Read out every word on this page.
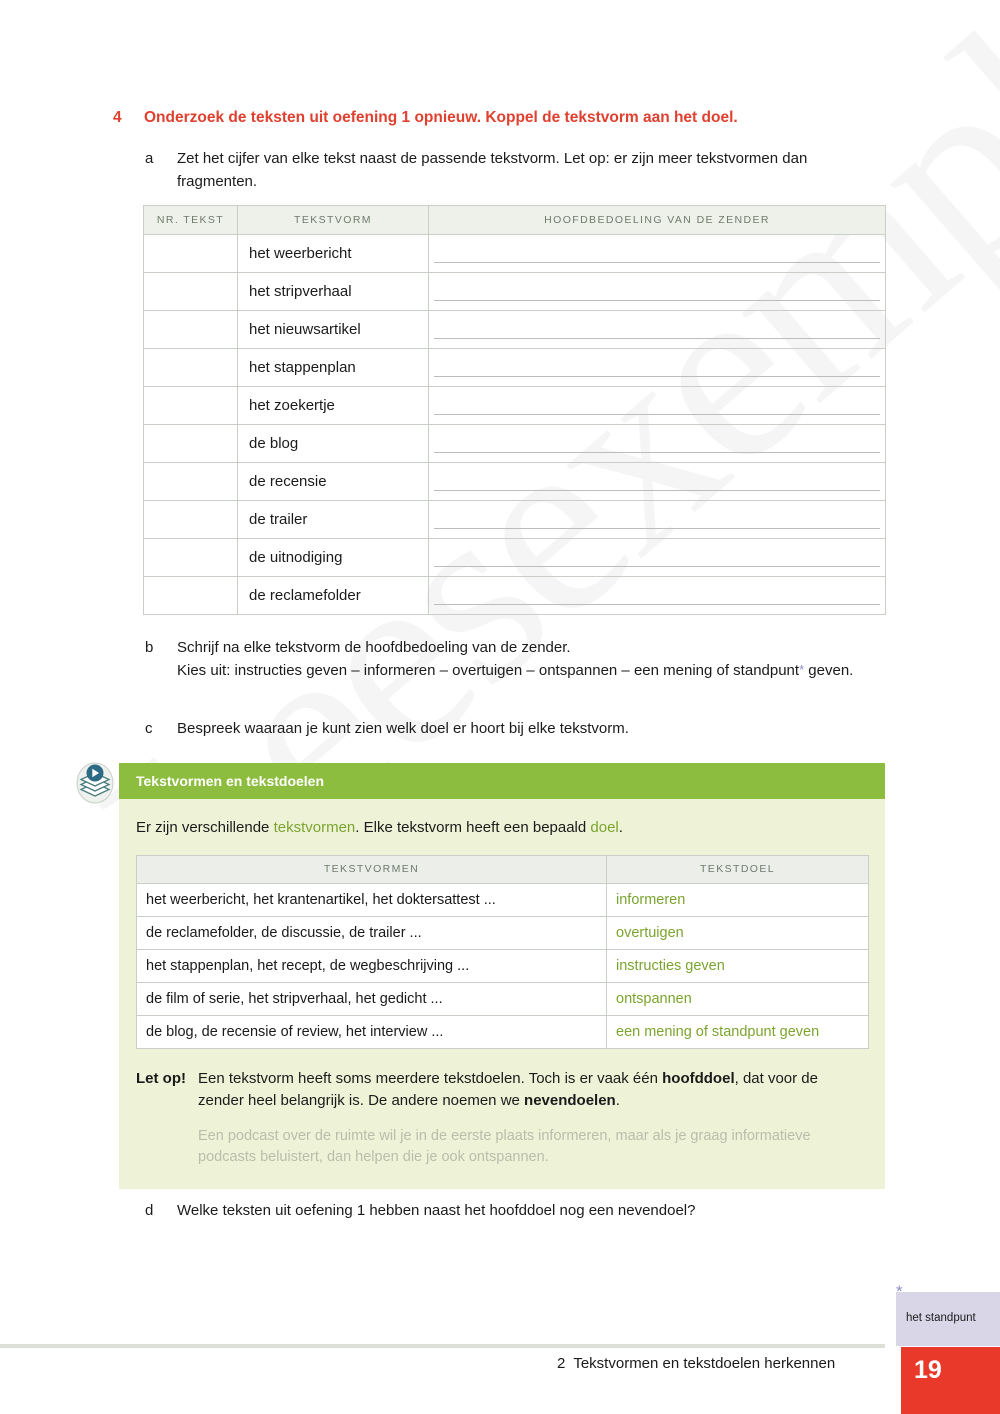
4 Onderzoek de teksten uit oefening 1 opnieuw. Koppel de tekstvorm aan het doel.
a	Zet het cijfer van elke tekst naast de passende tekstvorm. Let op: er zijn meer tekstvormen dan fragmenten.
NR. TEKST	TEKSTVORM	HOOFDBEDOELING VAN DE ZENDER
	het weerbericht	

	het stripverhaal	

	het nieuwsartikel	

	het stappenplan	

	het zoekertje	

	de blog	

	de recensie	

	de trailer	

	de uitnodiging	

	de reclamefolder	
b	Schrijf na elke tekstvorm de hoofdbedoeling van de zender.
Kies uit: instructies geven – informeren – overtuigen – ontspannen – een mening of standpunt* geven.
c	Bespreek waaraan je kunt zien welk doel er hoort bij elke tekstvorm.
Tekstvormen en tekstdoelen

Er zijn verschillende tekstvormen. Elke tekstvorm heeft een bepaald doel.

TEKSTVORMEN	TEKSTDOEL
het weerbericht, het krantenartikel, het doktersattest ...	informeren
de reclamefolder, de discussie, de trailer ...	overtuigen
het stappenplan, het recept, de wegbeschrijving ...	instructies geven
de film of serie, het stripverhaal, het gedicht ...	ontspannen
de blog, de recensie of review, het interview ...	een mening of standpunt geven
Let op! Een tekstvorm heeft soms meerdere tekstdoelen. Toch is er vaak één hoofddoel, dat voor de zender heel belangrijk is. De andere noemen we nevendoelen.
Een podcast over de ruimte wil je in de eerste plaats informeren, maar als je graag informatieve podcasts beluistert, dan helpen die je ook ontspannen.
d	Welke teksten uit oefening 1 hebben naast het hoofddoel nog een nevendoel?
het standpunt
2 Tekstvormen en tekstdoelen herkennen	19
